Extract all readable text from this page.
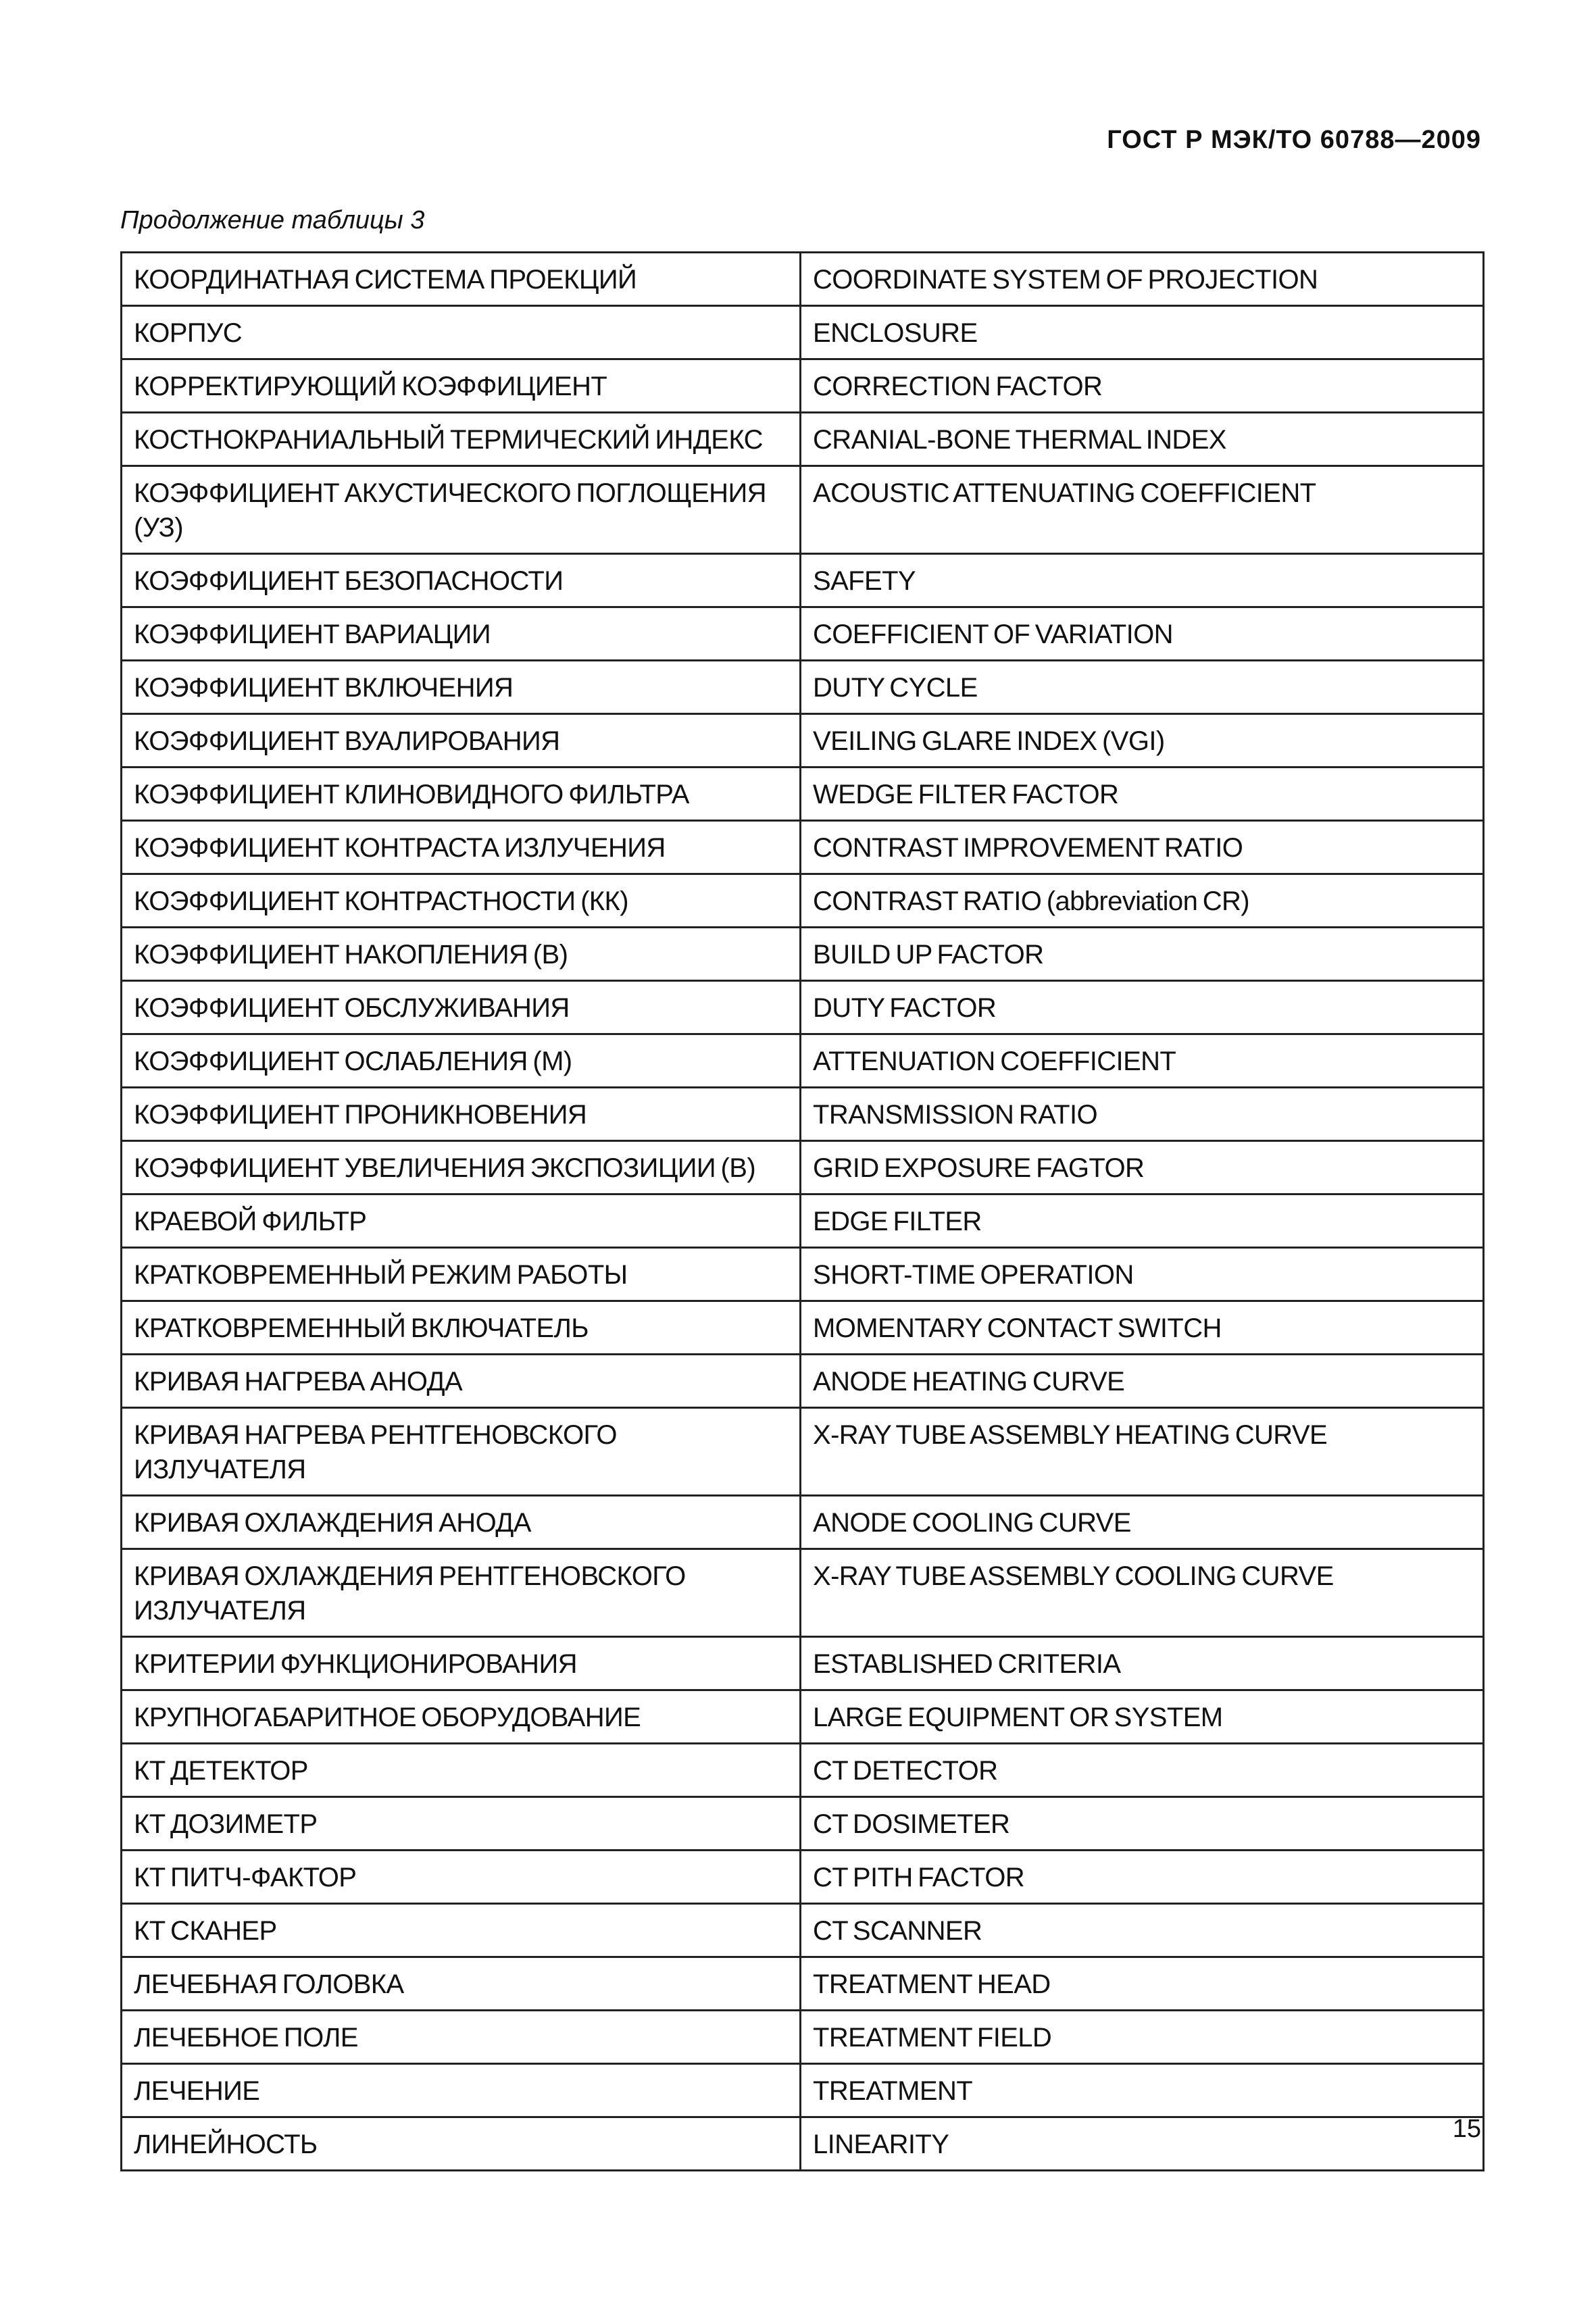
ГОСТ Р МЭК/ТО 60788—2009
Продолжение таблицы 3
КООРДИНАТНАЯ СИСТЕМА ПРОЕКЦИЙ	COORDINATE SYSTEM OF PROJECTION
КОРПУС	ENCLOSURE
КОРРЕКТИРУЮЩИЙ КОЭФФИЦИЕНТ	CORRECTION FACTOR
КОСТНОКРАНИАЛЬНЫЙ ТЕРМИЧЕСКИЙ ИНДЕКС	CRANIAL-BONE THERMAL INDEX
КОЭФФИЦИЕНТ АКУСТИЧЕСКОГО ПОГЛОЩЕНИЯ (УЗ)	ACOUSTIC ATTENUATING COEFFICIENT
КОЭФФИЦИЕНТ БЕЗОПАСНОСТИ	SAFETY
КОЭФФИЦИЕНТ ВАРИАЦИИ	COEFFICIENT OF VARIATION
КОЭФФИЦИЕНТ ВКЛЮЧЕНИЯ	DUTY CYCLE
КОЭФФИЦИЕНТ ВУАЛИРОВАНИЯ	VEILING GLARE INDEX (VGI)
КОЭФФИЦИЕНТ КЛИНОВИДНОГО ФИЛЬТРА	WEDGE FILTER FACTOR
КОЭФФИЦИЕНТ КОНТРАСТА ИЗЛУЧЕНИЯ	CONTRAST IMPROVEMENT RATIO
КОЭФФИЦИЕНТ КОНТРАСТНОСТИ (КК)	CONTRAST RATIO (abbreviation CR)
КОЭФФИЦИЕНТ НАКОПЛЕНИЯ (В)	BUILD UP FACTOR
КОЭФФИЦИЕНТ ОБСЛУЖИВАНИЯ	DUTY FACTOR
КОЭФФИЦИЕНТ ОСЛАБЛЕНИЯ (М)	ATTENUATION COEFFICIENT
КОЭФФИЦИЕНТ ПРОНИКНОВЕНИЯ	TRANSMISSION RATIO
КОЭФФИЦИЕНТ УВЕЛИЧЕНИЯ ЭКСПОЗИЦИИ (В)	GRID EXPOSURE FAGTOR
КРАЕВОЙ ФИЛЬТР	EDGE FILTER
КРАТКОВРЕМЕННЫЙ РЕЖИМ РАБОТЫ	SHORT-TIME OPERATION
КРАТКОВРЕМЕННЫЙ ВКЛЮЧАТЕЛЬ	MOMENTARY CONTACT SWITCH
КРИВАЯ НАГРЕВА АНОДА	ANODE HEATING CURVE
КРИВАЯ НАГРЕВА РЕНТГЕНОВСКОГО ИЗЛУЧАТЕЛЯ	X-RAY TUBE ASSEMBLY HEATING CURVE
КРИВАЯ ОХЛАЖДЕНИЯ АНОДА	ANODE COOLING CURVE
КРИВАЯ ОХЛАЖДЕНИЯ РЕНТГЕНОВСКОГО ИЗЛУЧАТЕЛЯ	X-RAY TUBE ASSEMBLY COOLING CURVE
КРИТЕРИИ ФУНКЦИОНИРОВАНИЯ	ESTABLISHED CRITERIA
КРУПНОГАБАРИТНОЕ ОБОРУДОВАНИЕ	LARGE EQUIPMENT OR SYSTEM
КТ ДЕТЕКТОР	CT DETECTOR
КТ ДОЗИМЕТР	CT DOSIMETER
КТ ПИТЧ-ФАКТОР	CT PITH FACTOR
КТ СКАНЕР	CT SCANNER
ЛЕЧЕБНАЯ ГОЛОВКА	TREATMENT HEAD
ЛЕЧЕБНОЕ ПОЛЕ	TREATMENT FIELD
ЛЕЧЕНИЕ	TREATMENT
ЛИНЕЙНОСТЬ	LINEARITY
15
